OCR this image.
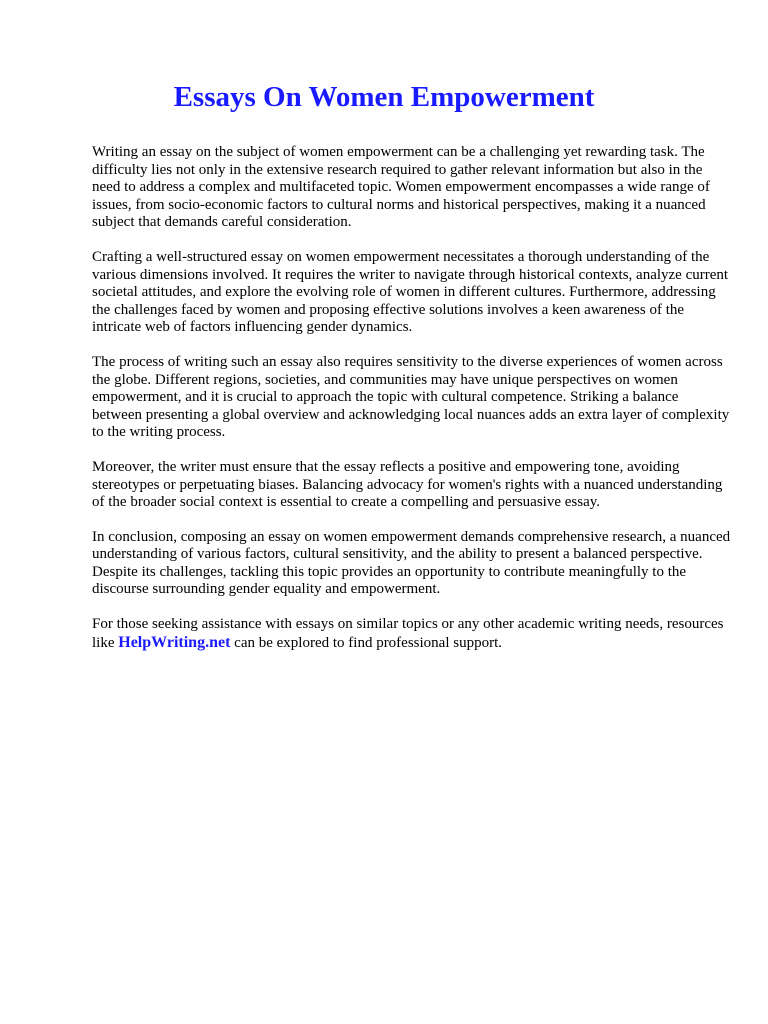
Essays On Women Empowerment

Writing an essay on the subject of women empowerment can be a challenging yet rewarding task. The difficulty lies not only in the extensive research required to gather relevant information but also in the need to address a complex and multifaceted topic. Women empowerment encompasses a wide range of issues, from socio-economic factors to cultural norms and historical perspectives, making it a nuanced subject that demands careful consideration.

Crafting a well-structured essay on women empowerment necessitates a thorough understanding of the various dimensions involved. It requires the writer to navigate through historical contexts, analyze current societal attitudes, and explore the evolving role of women in different cultures. Furthermore, addressing the challenges faced by women and proposing effective solutions involves a keen awareness of the intricate web of factors influencing gender dynamics.

The process of writing such an essay also requires sensitivity to the diverse experiences of women across the globe. Different regions, societies, and communities may have unique perspectives on women empowerment, and it is crucial to approach the topic with cultural competence. Striking a balance between presenting a global overview and acknowledging local nuances adds an extra layer of complexity to the writing process.

Moreover, the writer must ensure that the essay reflects a positive and empowering tone, avoiding stereotypes or perpetuating biases. Balancing advocacy for women's rights with a nuanced understanding of the broader social context is essential to create a compelling and persuasive essay.

In conclusion, composing an essay on women empowerment demands comprehensive research, a nuanced understanding of various factors, cultural sensitivity, and the ability to present a balanced perspective. Despite its challenges, tackling this topic provides an opportunity to contribute meaningfully to the discourse surrounding gender equality and empowerment.

For those seeking assistance with essays on similar topics or any other academic writing needs, resources like HelpWriting.net can be explored to find professional support.
